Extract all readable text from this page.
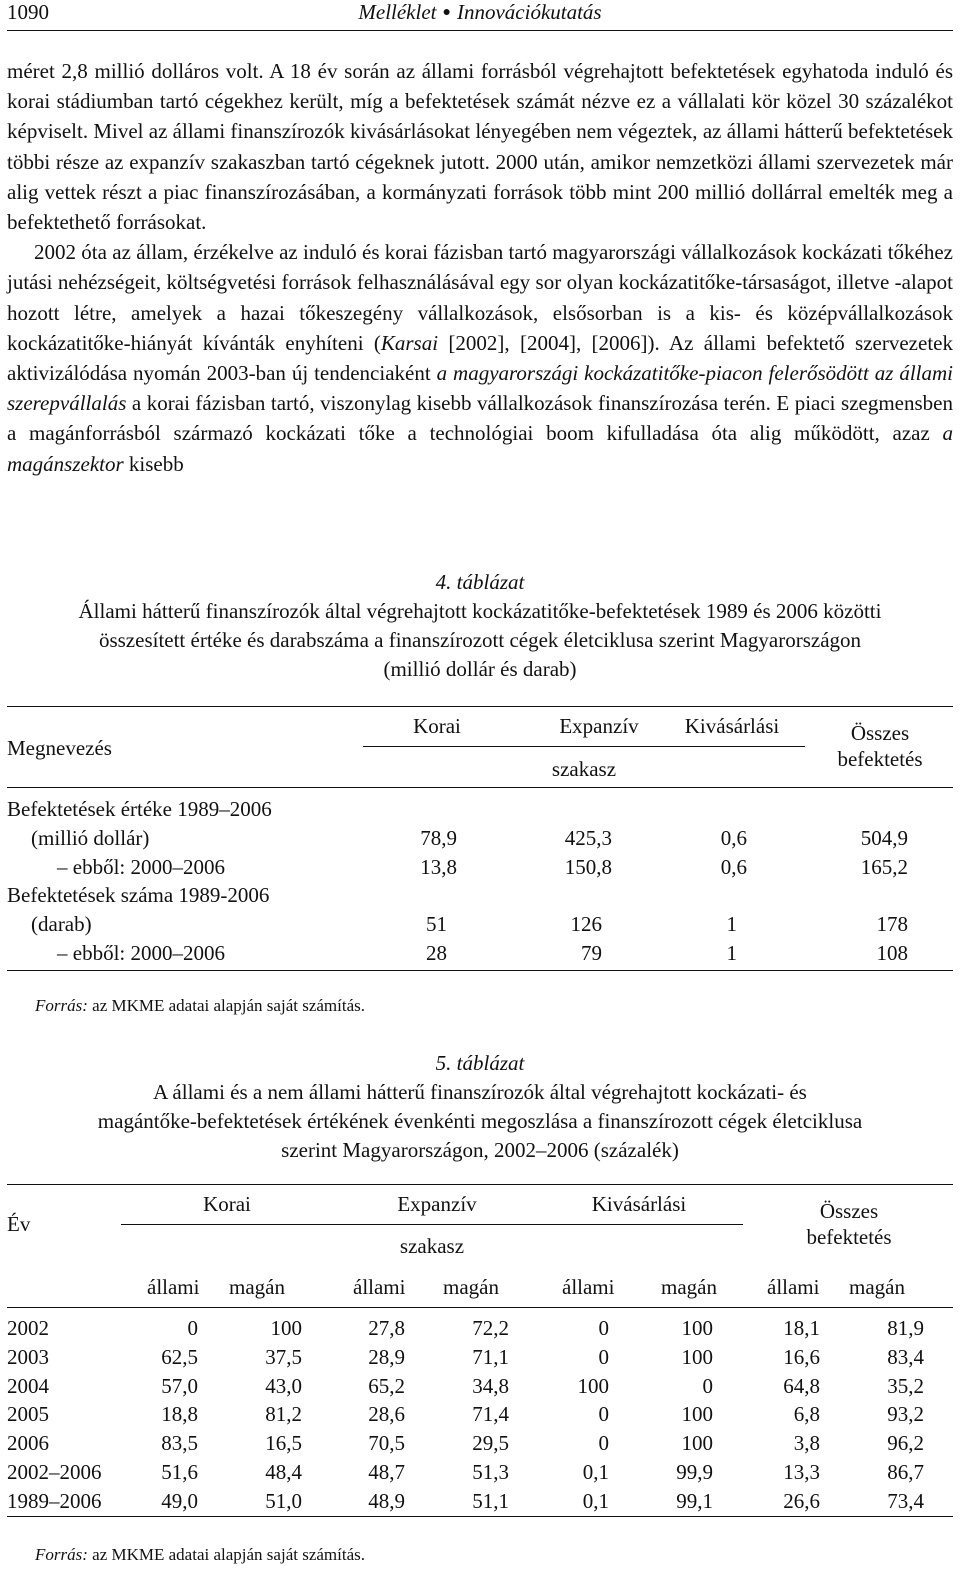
1090	Melléklet ● Innovációkutatás

méret 2,8 millió dolláros volt. A 18 év során az állami forrásból végrehajtott befektetések egyhatoda induló és korai stádiumban tartó cégekhez került, míg a befektetések számát nézve ez a vállalati kör közel 30 százalékot képviselt. Mivel az állami finanszírozók kivásárlásokat lényegében nem végeztek, az állami hátterű befektetések többi része az expanzív szakaszban tartó cégeknek jutott. 2000 után, amikor nemzetközi állami szervezetek már alig vettek részt a piac finanszírozásában, a kormányzati források több mint 200 millió dollárral emelték meg a befektethető forrásokat.

2002 óta az állam, érzékelve az induló és korai fázisban tartó magyarországi vállalkozások kockázati tőkéhez jutási nehézségeit, költségvetési források felhasználásával egy sor olyan kockázatitőke-társaságot, illetve -alapot hozott létre, amelyek a hazai tőkeszegény vállalkozások, elsősorban is a kis- és középvállalkozások kockázatitőke-hiányát kívánták enyhíteni (Karsai [2002], [2004], [2006]). Az állami befektető szervezetek aktivizálódása nyomán 2003-ban új tendenciaként a magyarországi kockázatitőke-piacon felerősödött az állami szerepvállalás a korai fázisban tartó, viszonylag kisebb vállalkozások finanszírozása terén. E piaci szegmensben a magánforrásból származó kockázati tőke a technológiai boom kifulladása óta alig működött, azaz a magánszektor kisebb

4. táblázat
Állami hátterű finanszírozók által végrehajtott kockázatitőke-befektetések 1989 és 2006 közötti
összesített értéke és darabszáma a finanszírozott cégek életciklusa szerint Magyarországon
(millió dollár és darab)
Megnevezés
Korai	Expanzív	Kivásárlási
szakasz
Összes
befektetés
Befektetések értéke 1989–2006
(millió dollár)	78,9	425,3	0,6	504,9
– ebből: 2000–2006	13,8	150,8	0,6	165,2
Befektetések száma 1989-2006
(darab)	51	126	1	178
– ebből: 2000–2006	28	79	1	108
Forrás: az MKME adatai alapján saját számítás.
5. táblázat
A állami és a nem állami hátterű finanszírozók által végrehajtott kockázati- és
magántőke-befektetések értékének évenkénti megoszlása a finanszírozott cégek életciklusa
szerint Magyarországon, 2002–2006 (százalék)
Év
Korai	Expanzív	Kivásárlási
szakasz
Összes
befektetés
állami magán	állami magán	állami magán állami magán
2002	0	100	27,8	72,2	0	100	18,1	81,9
2003	62,5	37,5	28,9	71,1	0	100	16,6	83,4
2004	57,0	43,0	65,2	34,8	100	0	64,8	35,2
2005	18,8	81,2	28,6	71,4	0	100	6,8	93,2
2006	83,5	16,5	70,5	29,5	0	100	3,8	96,2
2002–2006	51,6	48,4	48,7	51,3	0,1	99,9	13,3	86,7
1989–2006	49,0	51,0	48,9	51,1	0,1	99,1	26,6	73,4
Forrás: az MKME adatai alapján saját számítás.
